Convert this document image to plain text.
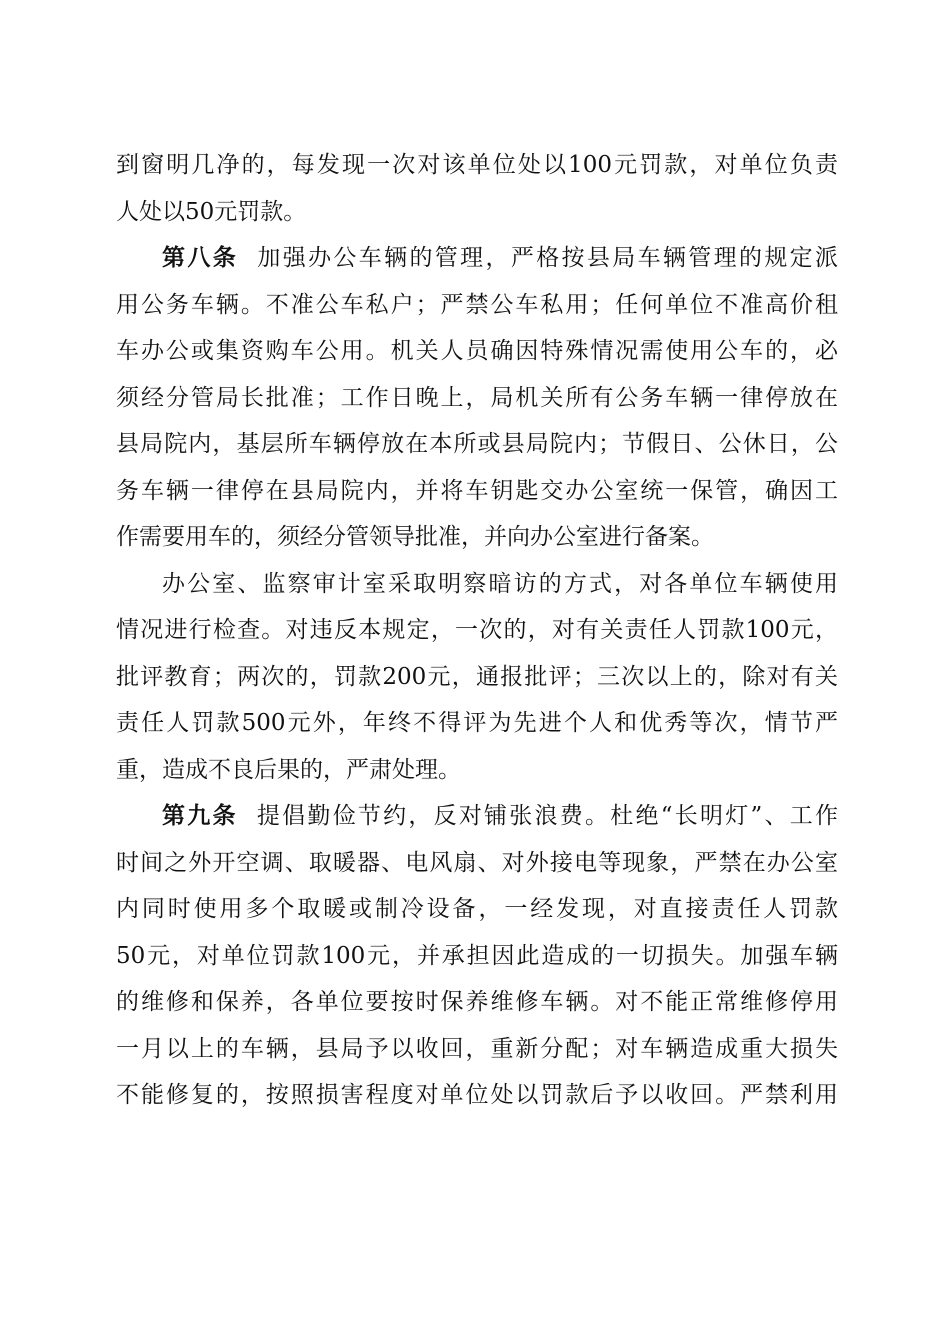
到窗明几净的，每发现一次对该单位处以100元罚款，对单位负责
人处以50元罚款。
第八条 加强办公车辆的管理，严格按县局车辆管理的规定派
用公务车辆。不准公车私户；严禁公车私用；任何单位不准高价租
车办公或集资购车公用。机关人员确因特殊情况需使用公车的，必
须经分管局长批准；工作日晚上，局机关所有公务车辆一律停放在
县局院内，基层所车辆停放在本所或县局院内；节假日、公休日，公
务车辆一律停在县局院内，并将车钥匙交办公室统一保管，确因工
作需要用车的，须经分管领导批准，并向办公室进行备案。
办公室、监察审计室采取明察暗访的方式，对各单位车辆使用
情况进行检查。对违反本规定，一次的，对有关责任人罚款100元，
批评教育；两次的，罚款200元，通报批评；三次以上的，除对有关
责任人罚款500元外，年终不得评为先进个人和优秀等次，情节严
重，造成不良后果的，严肃处理。
第九条 提倡勤俭节约，反对铺张浪费。杜绝“长明灯”、工作
时间之外开空调、取暖器、电风扇、对外接电等现象，严禁在办公室
内同时使用多个取暖或制冷设备，一经发现，对直接责任人罚款
50元，对单位罚款100元，并承担因此造成的一切损失。加强车辆
的维修和保养，各单位要按时保养维修车辆。对不能正常维修停用
一月以上的车辆，县局予以收回，重新分配；对车辆造成重大损失
不能修复的，按照损害程度对单位处以罚款后予以收回。严禁利用
